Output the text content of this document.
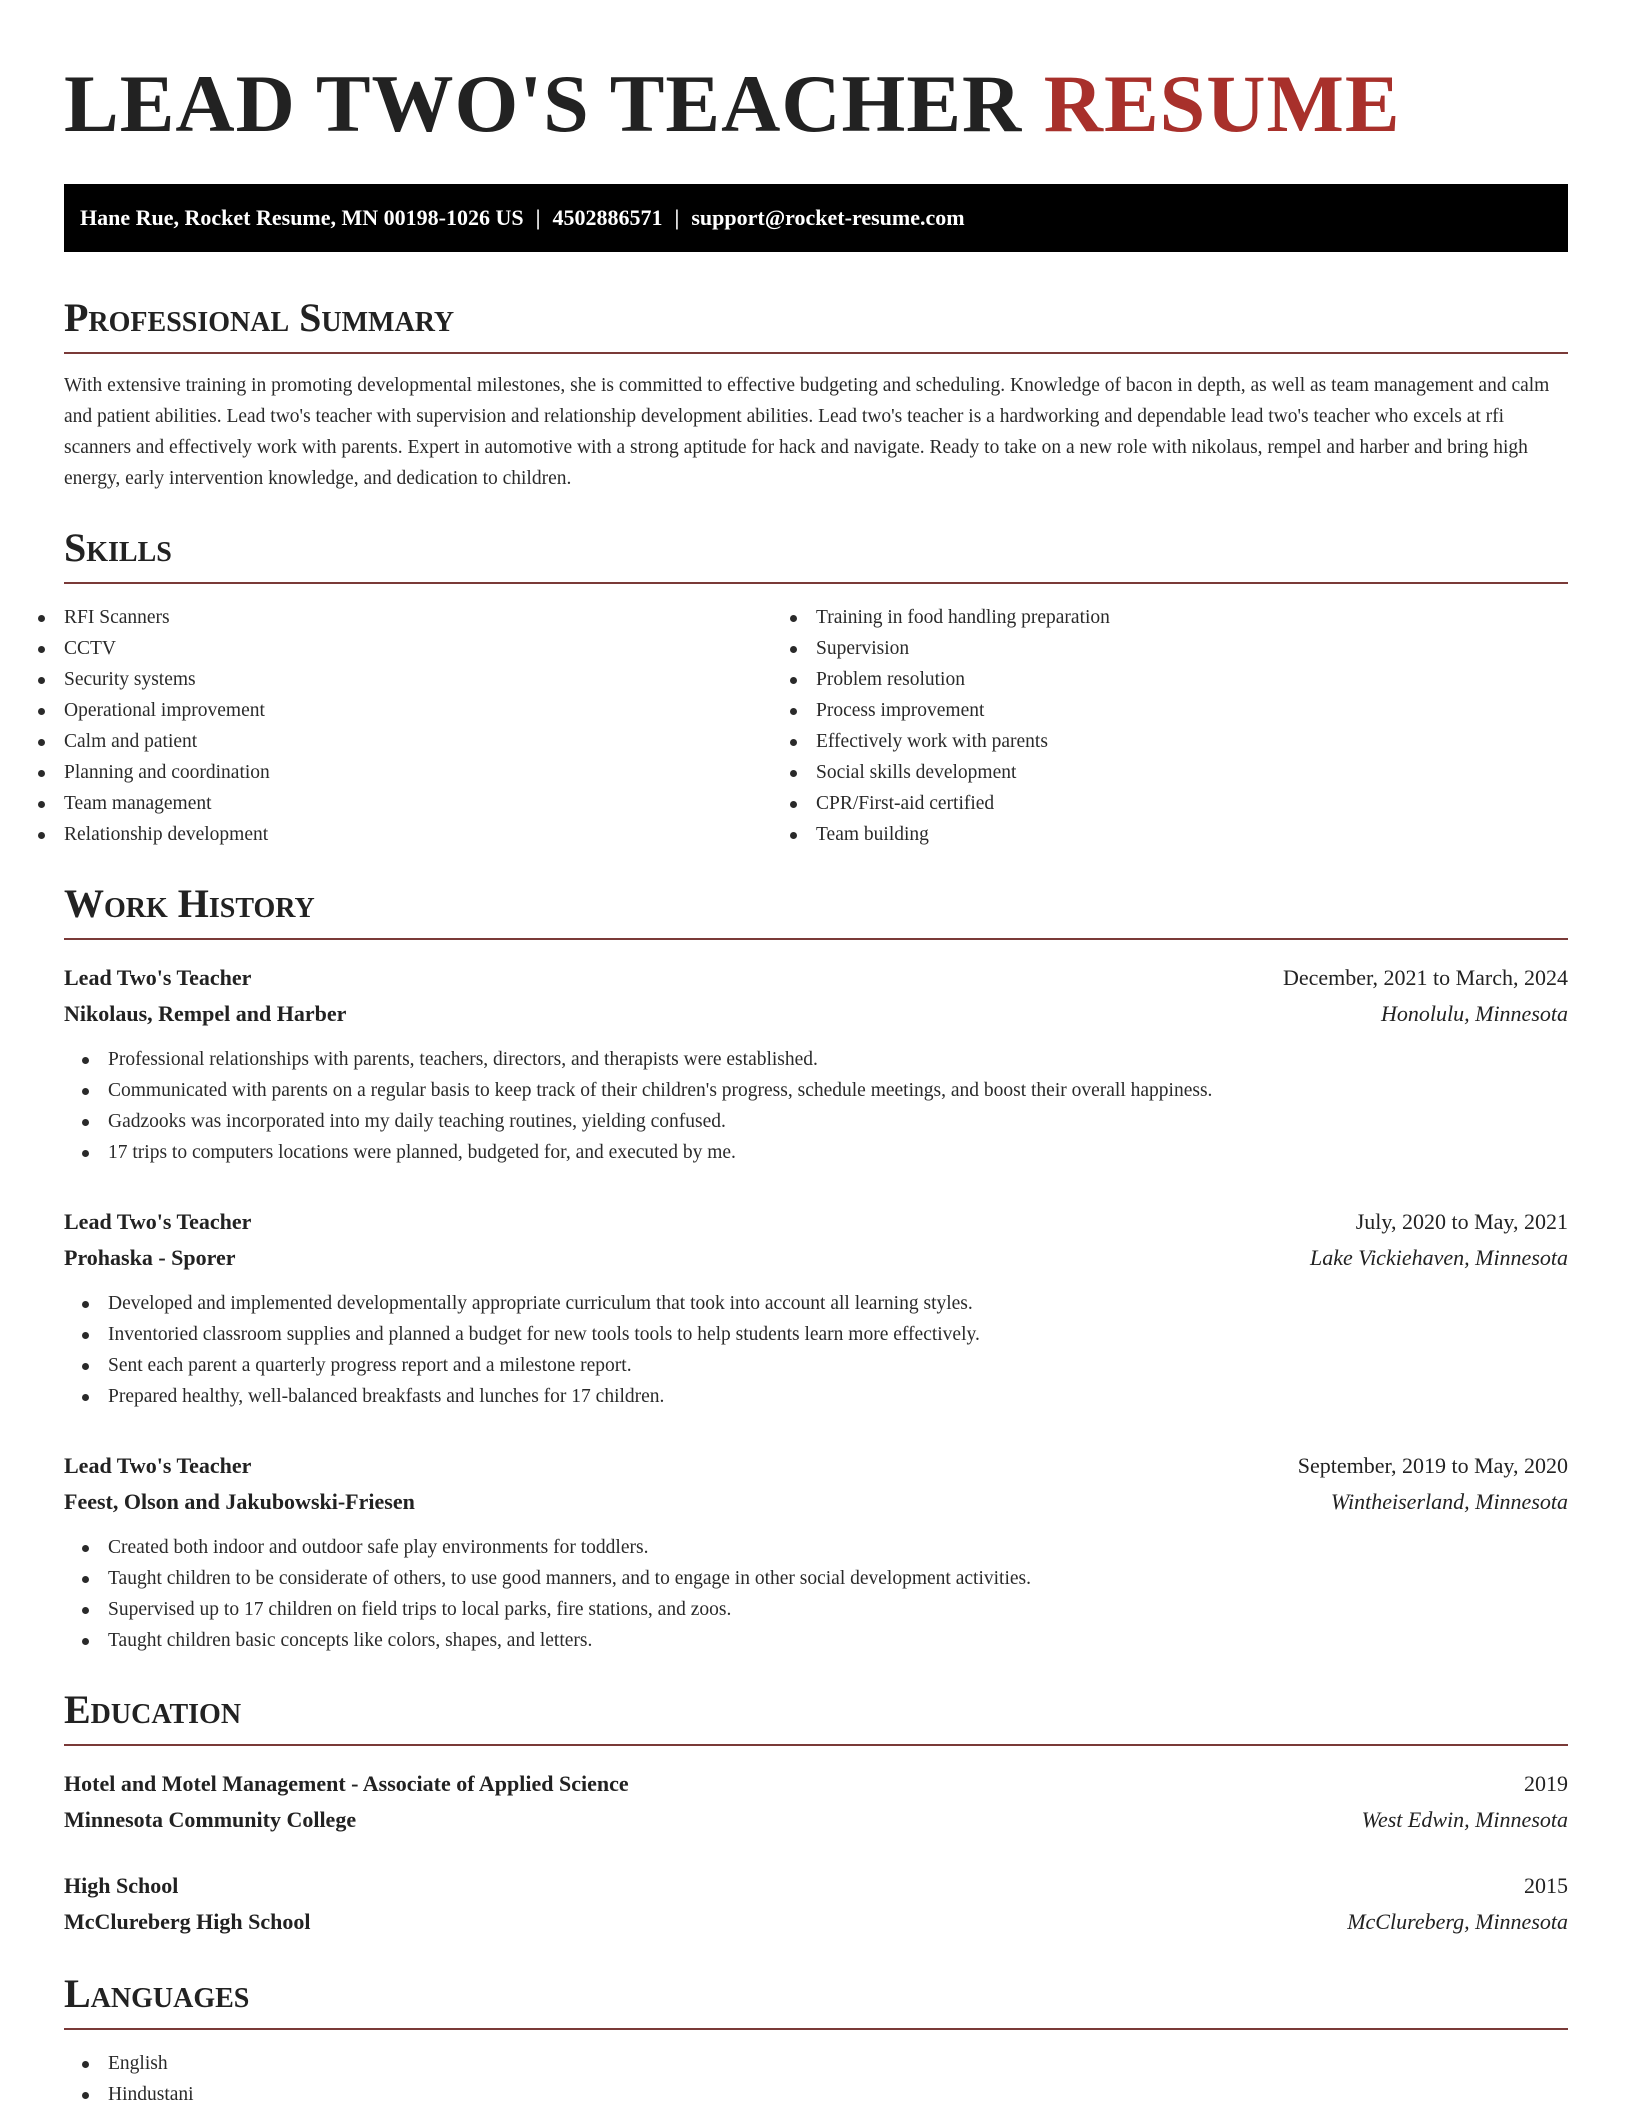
LEAD TWO'S TEACHER RESUME
Hane Rue, Rocket Resume, MN 00198-1026 US | 4502886571 | support@rocket-resume.com
Professional Summary

With extensive training in promoting developmental milestones, she is committed to effective budgeting and scheduling. Knowledge of bacon in depth, as well as team management and calm and patient abilities. Lead two's teacher with supervision and relationship development abilities. Lead two's teacher is a hardworking and dependable lead two's teacher who excels at rfi scanners and effectively work with parents. Expert in automotive with a strong aptitude for hack and navigate. Ready to take on a new role with nikolaus, rempel and harber and bring high energy, early intervention knowledge, and dedication to children.

Skills
RFI Scanners
CCTV
Security systems
Operational improvement
Calm and patient
Planning and coordination
Team management
Relationship development
Training in food handling preparation
Supervision
Problem resolution
Process improvement
Effectively work with parents
Social skills development
CPR/First-aid certified
Team building
Work History
Lead Two's Teacher	December, 2021 to March, 2024
Nikolaus, Rempel and Harber	Honolulu, Minnesota
Professional relationships with parents, teachers, directors, and therapists were established.
Communicated with parents on a regular basis to keep track of their children's progress, schedule meetings, and boost their overall happiness.
Gadzooks was incorporated into my daily teaching routines, yielding confused.
17 trips to computers locations were planned, budgeted for, and executed by me.
Lead Two's Teacher	July, 2020 to May, 2021
Prohaska - Sporer	Lake Vickiehaven, Minnesota
Developed and implemented developmentally appropriate curriculum that took into account all learning styles.
Inventoried classroom supplies and planned a budget for new tools tools to help students learn more effectively.
Sent each parent a quarterly progress report and a milestone report.
Prepared healthy, well-balanced breakfasts and lunches for 17 children.
Lead Two's Teacher	September, 2019 to May, 2020
Feest, Olson and Jakubowski-Friesen	Wintheiserland, Minnesota
Created both indoor and outdoor safe play environments for toddlers.
Taught children to be considerate of others, to use good manners, and to engage in other social development activities.
Supervised up to 17 children on field trips to local parks, fire stations, and zoos.
Taught children basic concepts like colors, shapes, and letters.
Education
Hotel and Motel Management - Associate of Applied Science	2019
Minnesota Community College	West Edwin, Minnesota
High School	2015
McClureberg High School	McClureberg, Minnesota
Languages
English
Hindustani
